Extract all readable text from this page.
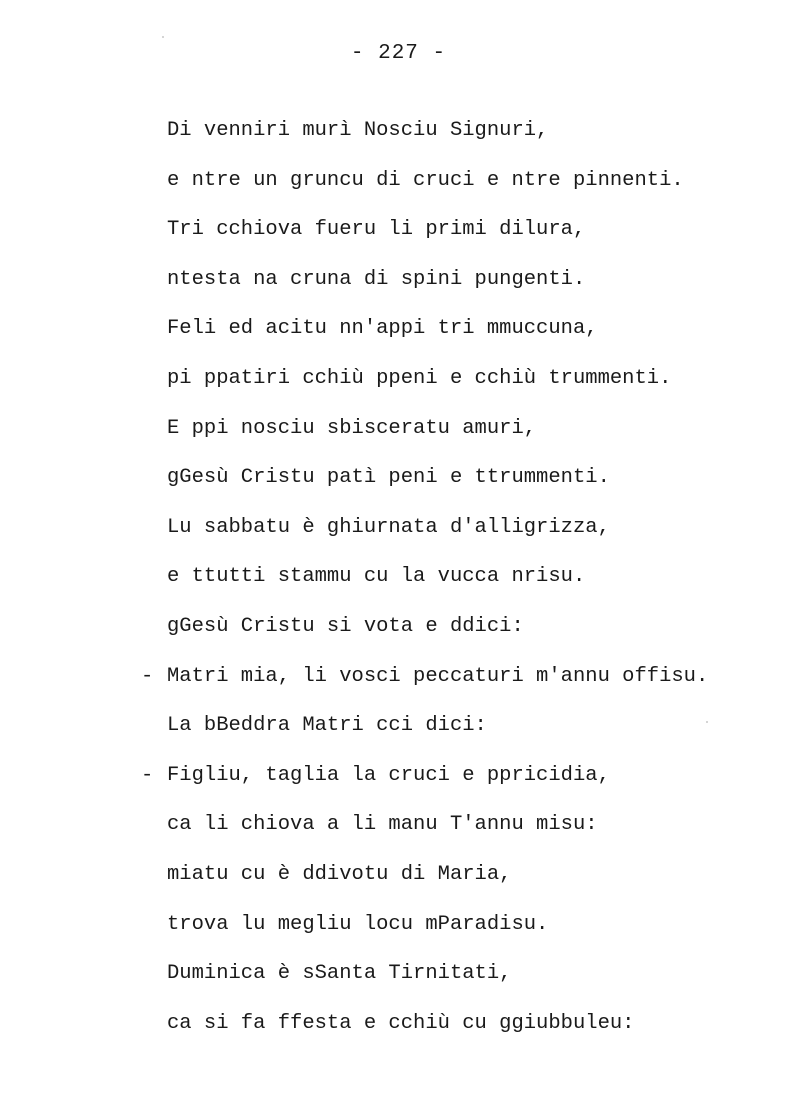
- 227 -
Di venniri murì Nosciu Signuri,
e ntre un gruncu di cruci e ntre pinnenti.
Tri cchiova fueru li primi dilura,
ntesta na cruna di spini pungenti.
Feli ed acitu nn'appi tri mmuccuna,
pi ppatiri cchiù ppeni e cchiù trummenti.
E ppi nosciu sbisceratu amuri,
gGesù Cristu patì peni e ttrummenti.
Lu sabbatu è ghiurnata d'alligrizza,
e ttutti stammu cu la vucca nrisu.
gGesù Cristu si vota e ddici:
- Matri mia, li vosci peccaturi m'annu offisu.
La bBeddra Matri cci dici:
- Figliu, taglia la cruci e ppricidia,
ca li chiova a li manu T'annu misu:
miatu cu è ddivotu di Maria,
trova lu megliu locu mParadisu.
Duminica è sSanta Tirnitati,
ca si fa ffesta e cchiù cu ggiubbuleu:
